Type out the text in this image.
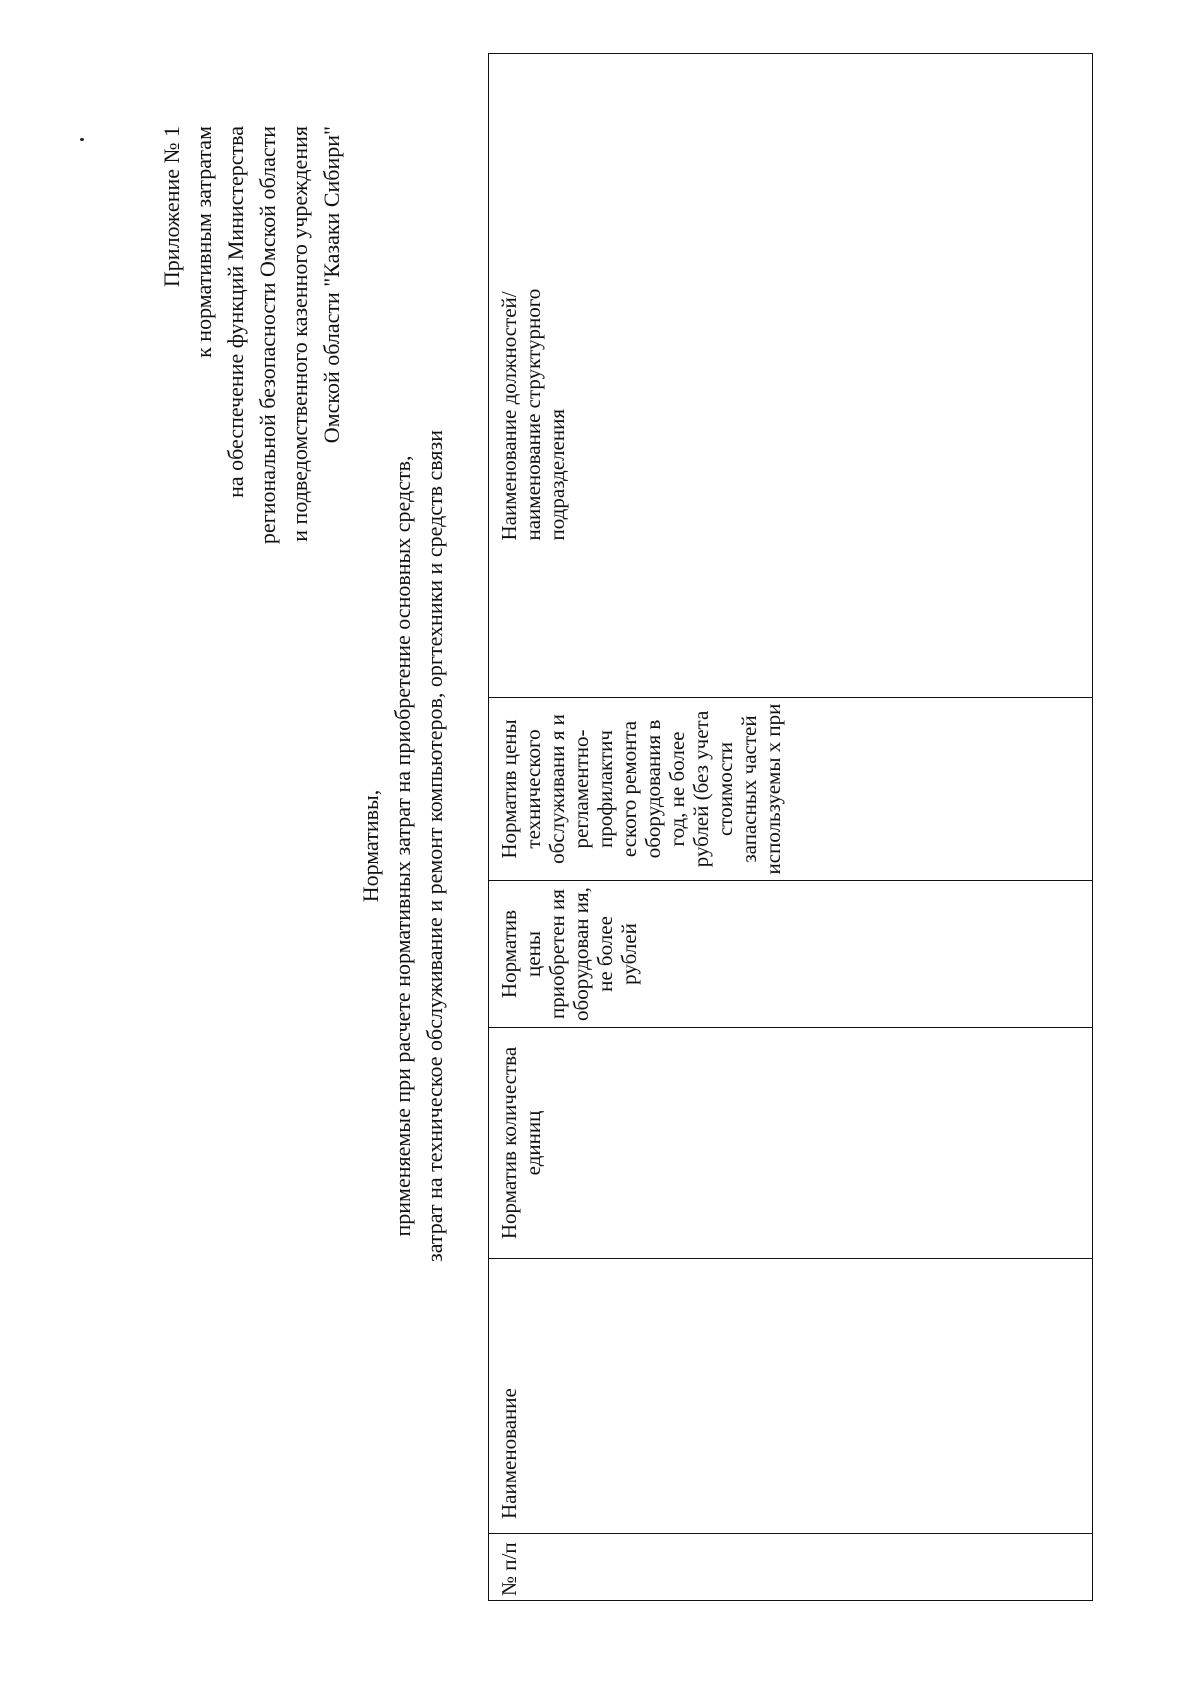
Приложение № 1 к нормативным затратам на обеспечение функций Министерства региональной безопасности Омской области и подведомственного казенного учреждения Омской области "Казаки Сибири"
Нормативы, применяемые при расчете нормативных затрат на приобретение основных средств, затрат на техническое обслуживание и ремонт компьютеров, оргтехники и средств связи
№ п/п	Наименование	Норматив количества единиц	Норматив цены приобретен ия оборудован ия, не более рублей	Норматив цены технического обслуживани я и регламентно-профилактич еского ремонта оборудования в год, не более рублей (без учета стоимости запасных частей используемы х при	Наименование должностей/наименование структурного подразделения
